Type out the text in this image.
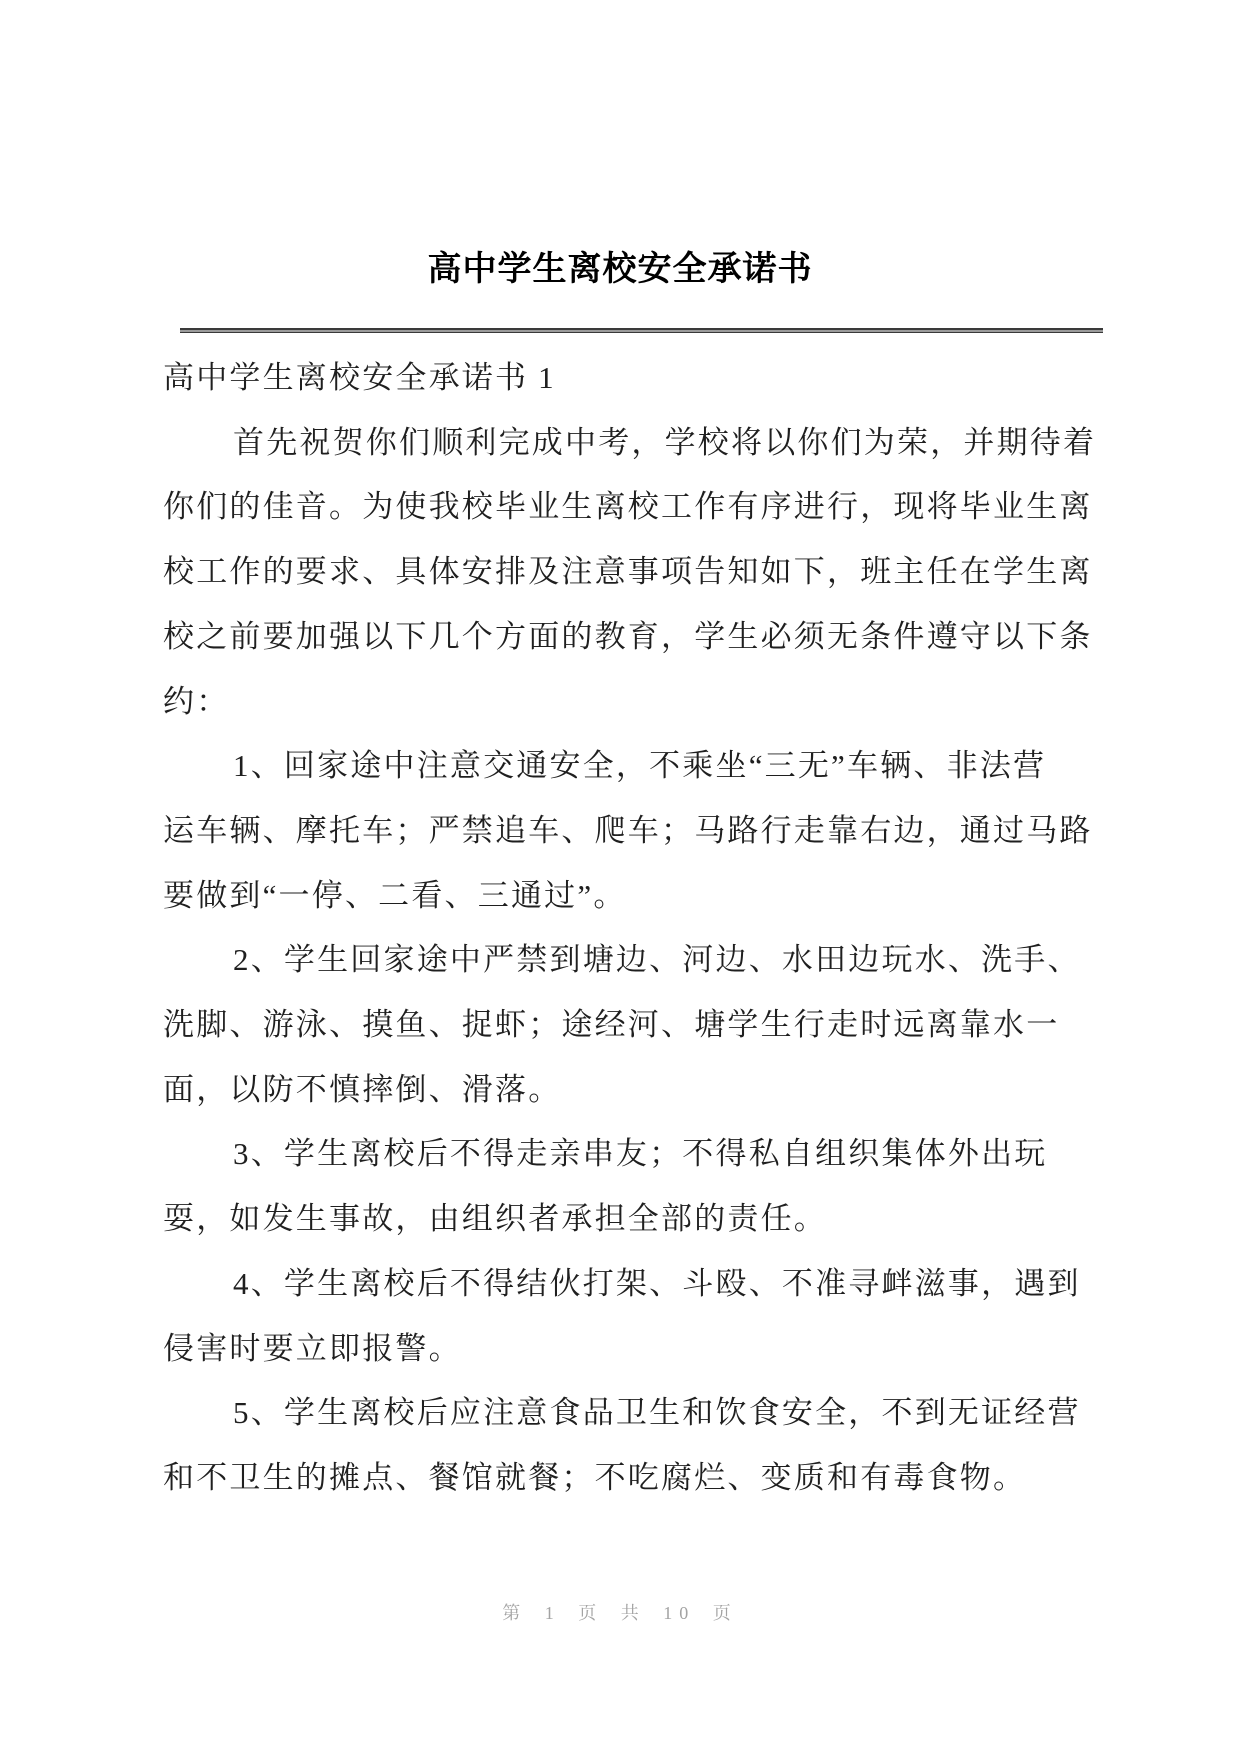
高中学生离校安全承诺书
高中学生离校安全承诺书 1
首先祝贺你们顺利完成中考，学校将以你们为荣，并期待着
你们的佳音。为使我校毕业生离校工作有序进行，现将毕业生离
校工作的要求、具体安排及注意事项告知如下，班主任在学生离
校之前要加强以下几个方面的教育，学生必须无条件遵守以下条
约：
1、回家途中注意交通安全，不乘坐“三无”车辆、非法营
运车辆、摩托车；严禁追车、爬车；马路行走靠右边，通过马路
要做到“一停、二看、三通过”。
2、学生回家途中严禁到塘边、河边、水田边玩水、洗手、
洗脚、游泳、摸鱼、捉虾；途经河、塘学生行走时远离靠水一
面，以防不慎摔倒、滑落。
3、学生离校后不得走亲串友；不得私自组织集体外出玩
耍，如发生事故，由组织者承担全部的责任。
4、学生离校后不得结伙打架、斗殴、不准寻衅滋事，遇到
侵害时要立即报警。
5、学生离校后应注意食品卫生和饮食安全，不到无证经营
和不卫生的摊点、餐馆就餐；不吃腐烂、变质和有毒食物。
第 1 页 共 10 页
